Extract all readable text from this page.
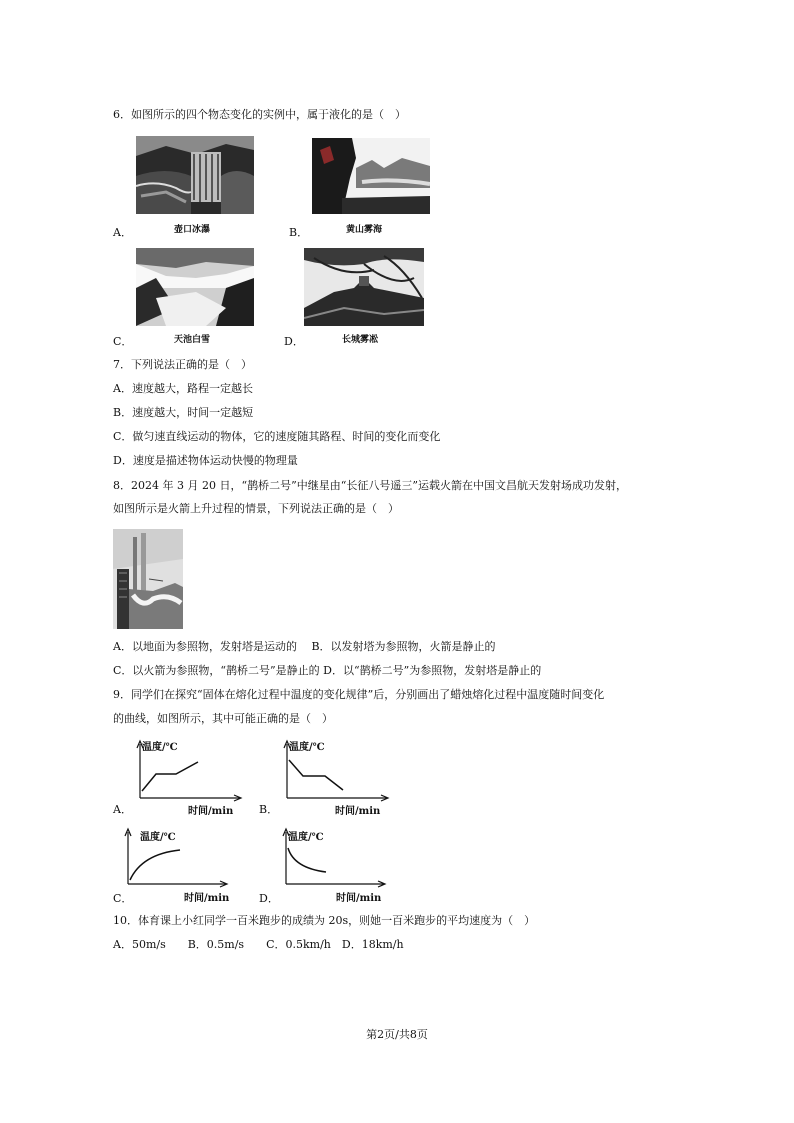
6．如图所示的四个物态变化的实例中，属于液化的是（　）
A．	壶口冰瀑	B．	黄山雾海
C．	天池白雪	D．	长城雾凇
7．下列说法正确的是（　）
A．速度越大，路程一定越长
B．速度越大，时间一定越短
C．做匀速直线运动的物体，它的速度随其路程、时间的变化而变化
D．速度是描述物体运动快慢的物理量
8．2024 年 3 月 20 日，“鹊桥二号”中继星由“长征八号遥三”运载火箭在中国文昌航天发射场成功发射，
如图所示是火箭上升过程的情景，下列说法正确的是（　）
A．以地面为参照物，发射塔是运动的　 B．以发射塔为参照物，火箭是静止的
C．以火箭为参照物，“鹊桥二号”是静止的 D．以“鹊桥二号”为参照物，发射塔是静止的
9．同学们在探究“固体在熔化过程中温度的变化规律”后，分别画出了蜡烛熔化过程中温度随时间变化
的曲线，如图所示，其中可能正确的是（　）
温度/℃
时间/min
A．
温度/℃
时间/min
B．
温度/℃
时间/min
C．
温度/℃
时间/min
D．
10．体育课上小红同学一百米跑步的成绩为 20s，则她一百米跑步的平均速度为（　）
A．50m/s　　B．0.5m/s　　C．0.5km/h　D．18km/h
第2页/共8页
